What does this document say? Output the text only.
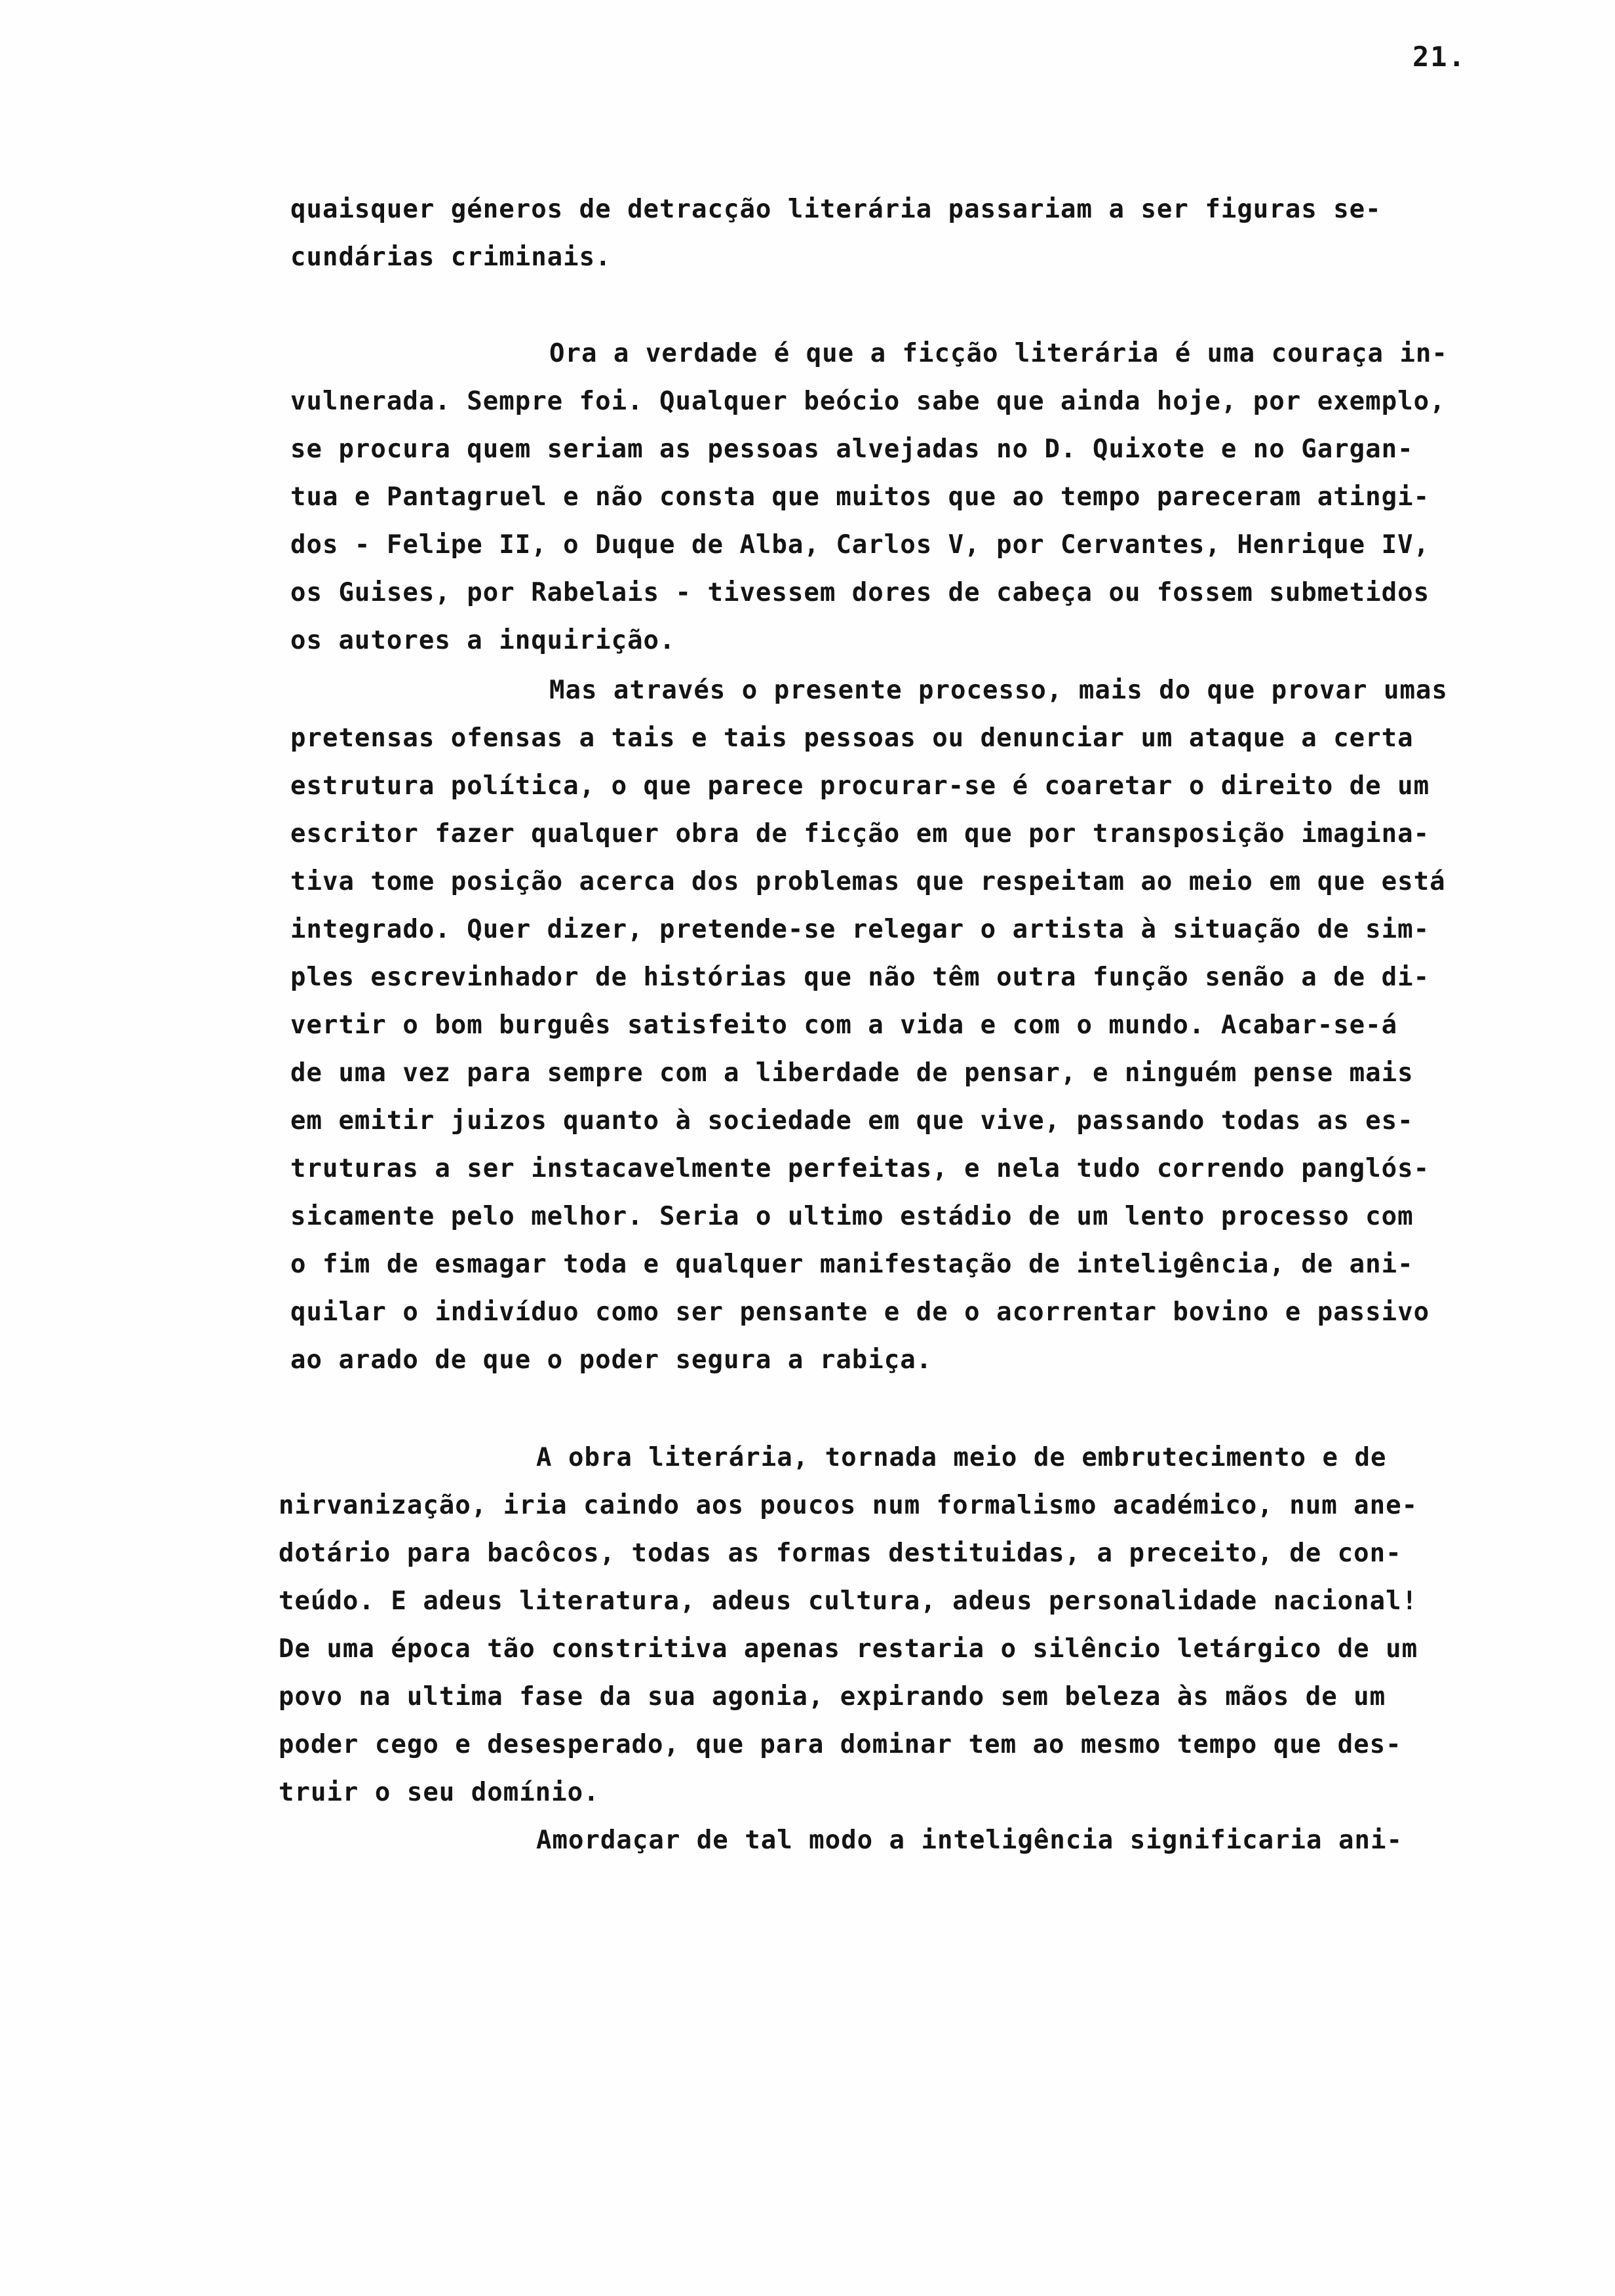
21.
quaisquer géneros de detracção literária passariam a ser figuras se-
cundárias criminais.
Ora a verdade é que a ficção literária é uma couraça in-
vulnerada. Sempre foi. Qualquer beócio sabe que ainda hoje, por exemplo,
se procura quem seriam as pessoas alvejadas no D. Quixote e no Gargan-
tua e Pantagruel e não consta que muitos que ao tempo pareceram atingi-
dos - Felipe II, o Duque de Alba, Carlos V, por Cervantes, Henrique IV,
os Guises, por Rabelais - tivessem dores de cabeça ou fossem submetidos
os autores a inquirição.
Mas através o presente processo, mais do que provar umas
pretensas ofensas a tais e tais pessoas ou denunciar um ataque a certa
estrutura política, o que parece procurar-se é coaretar o direito de um
escritor fazer qualquer obra de ficção em que por transposição imagina-
tiva tome posição acerca dos problemas que respeitam ao meio em que está
integrado. Quer dizer, pretende-se relegar o artista à situação de sim-
ples escrevinhador de histórias que não têm outra função senão a de di-
vertir o bom burguês satisfeito com a vida e com o mundo. Acabar-se-á
de uma vez para sempre com a liberdade de pensar, e ninguém pense mais
em emitir juizos quanto à sociedade em que vive, passando todas as es-
truturas a ser instacavelmente perfeitas, e nela tudo correndo panglós-
sicamente pelo melhor. Seria o ultimo estádio de um lento processo com
o fim de esmagar toda e qualquer manifestação de inteligência, de ani-
quilar o indivíduo como ser pensante e de o acorrentar bovino e passivo
ao arado de que o poder segura a rabiça.
A obra literária, tornada meio de embrutecimento e de
nirvanização, iria caindo aos poucos num formalismo académico, num ane-
dotário para bacôcos, todas as formas destituidas, a preceito, de con-
teúdo. E adeus literatura, adeus cultura, adeus personalidade nacional!
De uma época tão constritiva apenas restaria o silêncio letárgico de um
povo na ultima fase da sua agonia, expirando sem beleza às mãos de um
poder cego e desesperado, que para dominar tem ao mesmo tempo que des-
truir o seu domínio.
Amordaçar de tal modo a inteligência significaria ani-
